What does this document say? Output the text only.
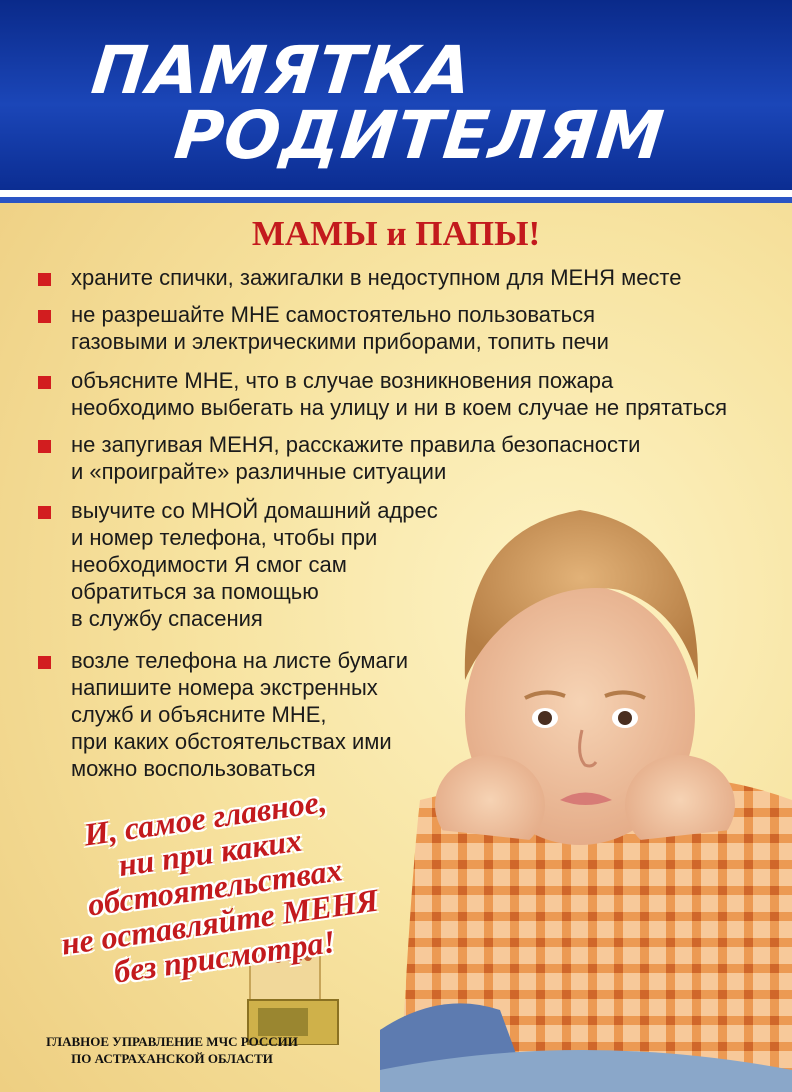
ПАМЯТКА
РОДИТЕЛЯМ
МАМЫ и ПАПЫ!
храните спички, зажигалки в недоступном для МЕНЯ месте
не разрешайте МНЕ самостоятельно пользоваться
газовыми и электрическими приборами, топить печи
объясните МНЕ, что в случае возникновения пожара
необходимо выбегать на улицу и ни в коем случае не прятаться
не запугивая МЕНЯ, расскажите правила безопасности
и «проиграйте» различные ситуации
выучите со МНОЙ домашний адрес
и номер телефона, чтобы при
необходимости Я смог сам
обратиться за помощью
в службу спасения
возле телефона на листе бумаги
напишите номера экстренных
служб и объясните МНЕ,
при каких обстоятельствах ими
можно воспользоваться
И, самое главное,
ни при каких
обстоятельствах
не оставляйте МЕНЯ
без присмотра!
ГЛАВНОЕ УПРАВЛЕНИЕ МЧС РОССИИ
ПО АСТРАХАНСКОЙ ОБЛАСТИ
